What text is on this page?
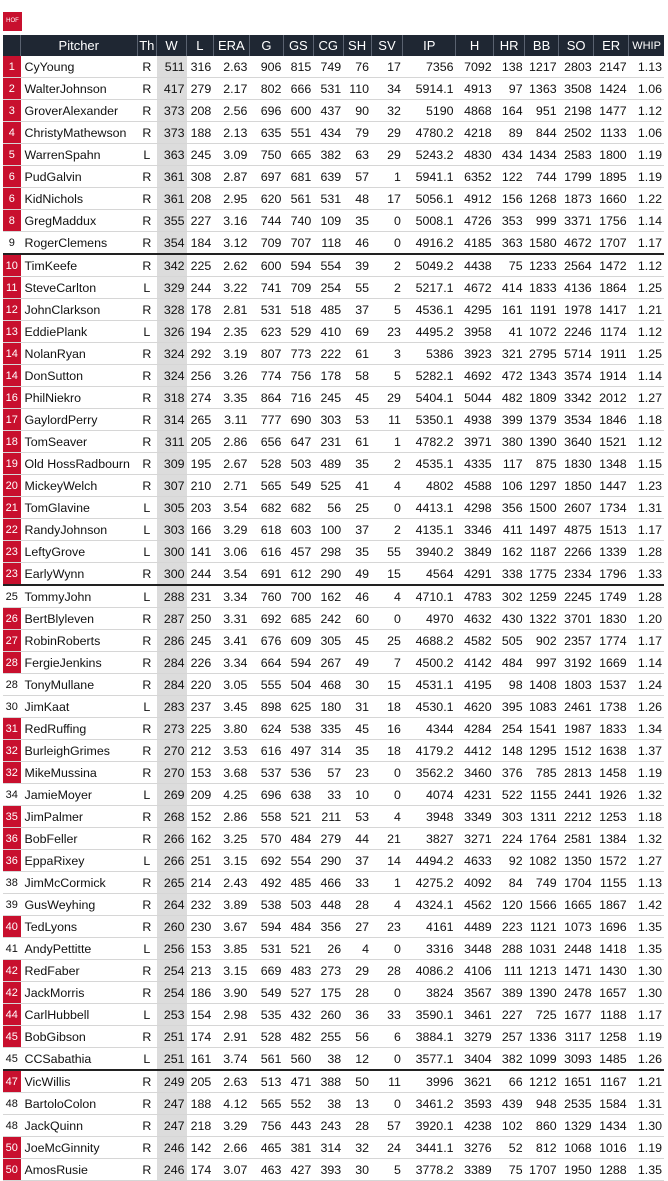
HOF
	Pitcher	Th	W	L	ERA	G	GS	CG	SH	SV	IP	H	HR	BB	SO	ER	WHIP
1	CyYoung	R	511	316	2.63	906	815	749	76	17	7356	7092	138	1217	2803	2147	1.13
2	WalterJohnson	R	417	279	2.17	802	666	531	110	34	5914.1	4913	97	1363	3508	1424	1.06
3	GroverAlexander	R	373	208	2.56	696	600	437	90	32	5190	4868	164	951	2198	1477	1.12
4	ChristyMathewson	R	373	188	2.13	635	551	434	79	29	4780.2	4218	89	844	2502	1133	1.06
5	WarrenSpahn	L	363	245	3.09	750	665	382	63	29	5243.2	4830	434	1434	2583	1800	1.19
6	PudGalvin	R	361	308	2.87	697	681	639	57	1	5941.1	6352	122	744	1799	1895	1.19
6	KidNichols	R	361	208	2.95	620	561	531	48	17	5056.1	4912	156	1268	1873	1660	1.22
8	GregMaddux	R	355	227	3.16	744	740	109	35	0	5008.1	4726	353	999	3371	1756	1.14
9	RogerClemens	R	354	184	3.12	709	707	118	46	0	4916.2	4185	363	1580	4672	1707	1.17
10	TimKeefe	R	342	225	2.62	600	594	554	39	2	5049.2	4438	75	1233	2564	1472	1.12
11	SteveCarlton	L	329	244	3.22	741	709	254	55	2	5217.1	4672	414	1833	4136	1864	1.25
12	JohnClarkson	R	328	178	2.81	531	518	485	37	5	4536.1	4295	161	1191	1978	1417	1.21
13	EddiePlank	L	326	194	2.35	623	529	410	69	23	4495.2	3958	41	1072	2246	1174	1.12
14	NolanRyan	R	324	292	3.19	807	773	222	61	3	5386	3923	321	2795	5714	1911	1.25
14	DonSutton	R	324	256	3.26	774	756	178	58	5	5282.1	4692	472	1343	3574	1914	1.14
16	PhilNiekro	R	318	274	3.35	864	716	245	45	29	5404.1	5044	482	1809	3342	2012	1.27
17	GaylordPerry	R	314	265	3.11	777	690	303	53	11	5350.1	4938	399	1379	3534	1846	1.18
18	TomSeaver	R	311	205	2.86	656	647	231	61	1	4782.2	3971	380	1390	3640	1521	1.12
19	Old HossRadbourn	R	309	195	2.67	528	503	489	35	2	4535.1	4335	117	875	1830	1348	1.15
20	MickeyWelch	R	307	210	2.71	565	549	525	41	4	4802	4588	106	1297	1850	1447	1.23
21	TomGlavine	L	305	203	3.54	682	682	56	25	0	4413.1	4298	356	1500	2607	1734	1.31
22	RandyJohnson	L	303	166	3.29	618	603	100	37	2	4135.1	3346	411	1497	4875	1513	1.17
23	LeftyGrove	L	300	141	3.06	616	457	298	35	55	3940.2	3849	162	1187	2266	1339	1.28
23	EarlyWynn	R	300	244	3.54	691	612	290	49	15	4564	4291	338	1775	2334	1796	1.33
25	TommyJohn	L	288	231	3.34	760	700	162	46	4	4710.1	4783	302	1259	2245	1749	1.28
26	BertBlyleven	R	287	250	3.31	692	685	242	60	0	4970	4632	430	1322	3701	1830	1.20
27	RobinRoberts	R	286	245	3.41	676	609	305	45	25	4688.2	4582	505	902	2357	1774	1.17
28	FergieJenkins	R	284	226	3.34	664	594	267	49	7	4500.2	4142	484	997	3192	1669	1.14
28	TonyMullane	R	284	220	3.05	555	504	468	30	15	4531.1	4195	98	1408	1803	1537	1.24
30	JimKaat	L	283	237	3.45	898	625	180	31	18	4530.1	4620	395	1083	2461	1738	1.26
31	RedRuffing	R	273	225	3.80	624	538	335	45	16	4344	4284	254	1541	1987	1833	1.34
32	BurleighGrimes	R	270	212	3.53	616	497	314	35	18	4179.2	4412	148	1295	1512	1638	1.37
32	MikeMussina	R	270	153	3.68	537	536	57	23	0	3562.2	3460	376	785	2813	1458	1.19
34	JamieMoyer	L	269	209	4.25	696	638	33	10	0	4074	4231	522	1155	2441	1926	1.32
35	JimPalmer	R	268	152	2.86	558	521	211	53	4	3948	3349	303	1311	2212	1253	1.18
36	BobFeller	R	266	162	3.25	570	484	279	44	21	3827	3271	224	1764	2581	1384	1.32
36	EppaRixey	L	266	251	3.15	692	554	290	37	14	4494.2	4633	92	1082	1350	1572	1.27
38	JimMcCormick	R	265	214	2.43	492	485	466	33	1	4275.2	4092	84	749	1704	1155	1.13
39	GusWeyhing	R	264	232	3.89	538	503	448	28	4	4324.1	4562	120	1566	1665	1867	1.42
40	TedLyons	R	260	230	3.67	594	484	356	27	23	4161	4489	223	1121	1073	1696	1.35
41	AndyPettitte	L	256	153	3.85	531	521	26	4	0	3316	3448	288	1031	2448	1418	1.35
42	RedFaber	R	254	213	3.15	669	483	273	29	28	4086.2	4106	111	1213	1471	1430	1.30
42	JackMorris	R	254	186	3.90	549	527	175	28	0	3824	3567	389	1390	2478	1657	1.30
44	CarlHubbell	L	253	154	2.98	535	432	260	36	33	3590.1	3461	227	725	1677	1188	1.17
45	BobGibson	R	251	174	2.91	528	482	255	56	6	3884.1	3279	257	1336	3117	1258	1.19
45	CCSabathia	L	251	161	3.74	561	560	38	12	0	3577.1	3404	382	1099	3093	1485	1.26
47	VicWillis	R	249	205	2.63	513	471	388	50	11	3996	3621	66	1212	1651	1167	1.21
48	BartoloColon	R	247	188	4.12	565	552	38	13	0	3461.2	3593	439	948	2535	1584	1.31
48	JackQuinn	R	247	218	3.29	756	443	243	28	57	3920.1	4238	102	860	1329	1434	1.30
50	JoeMcGinnity	R	246	142	2.66	465	381	314	32	24	3441.1	3276	52	812	1068	1016	1.19
50	AmosRusie	R	246	174	3.07	463	427	393	30	5	3778.2	3389	75	1707	1950	1288	1.35
